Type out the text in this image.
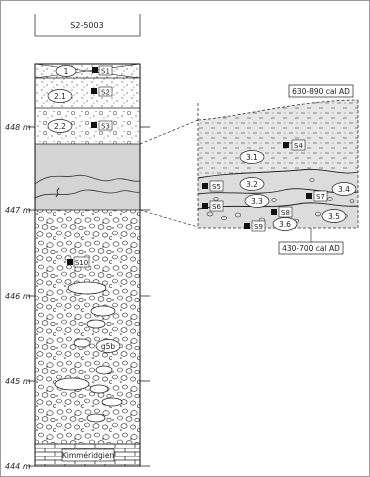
S2-5003
448 m
447 m
446 m
445 m
444 m
1
2.1
2.2
g5b
Kimméridgien
S1
S2
S3
S10
630-890 cal AD
430-700 cal AD
3.1
3.2
3.3
3.4
3.5
3.6
S4
S5
S6
S7
S8
S9
